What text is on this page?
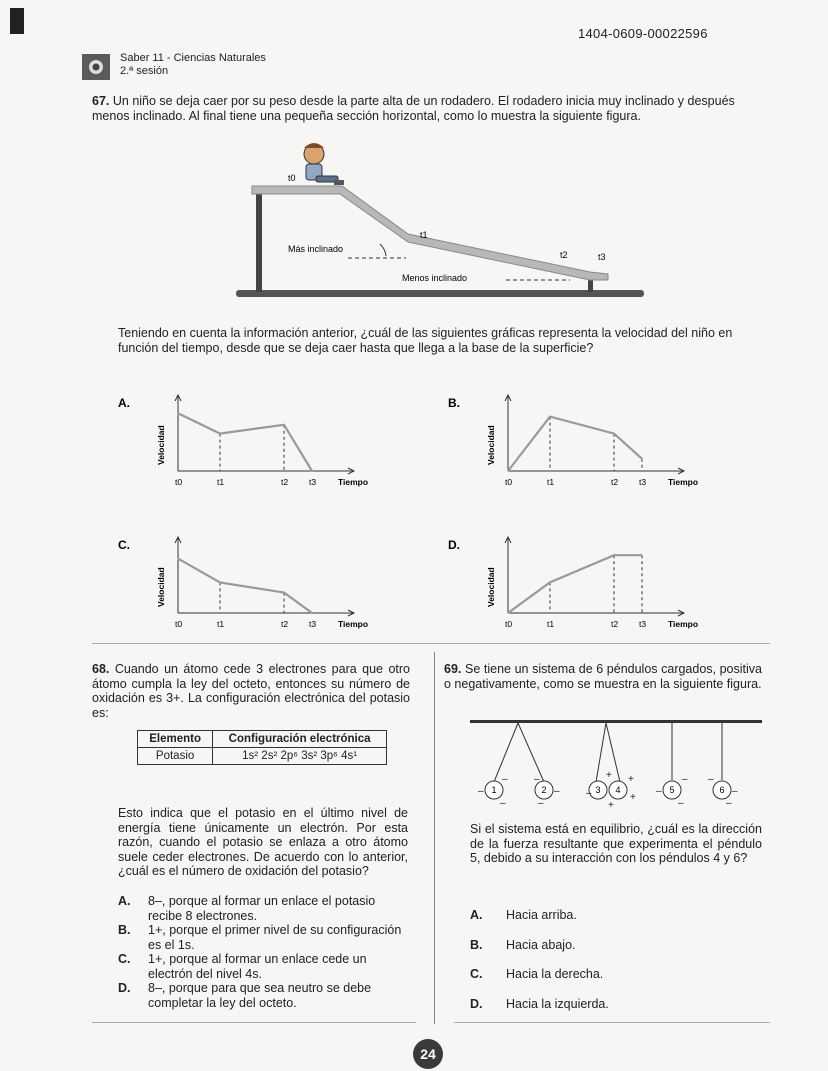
1404-0609-00022596
Saber 11 - Ciencias Naturales
2.ª sesión
67. Un niño se deja caer por su peso desde la parte alta de un rodadero. El rodadero inicia muy inclinado y después menos inclinado. Al final tiene una pequeña sección horizontal, como lo muestra la siguiente figura.
t0
t1
t2	t3
Más inclinado
Menos inclinado
Teniendo en cuenta la información anterior, ¿cuál de las siguientes gráficas representa la velocidad del niño en función del tiempo, desde que se deja caer hasta que llega a la base de la superficie?
A.
Velocidad
Tiempo
t0	t1	t2 t3
B.
Velocidad
Tiempo
t0	t1	t2 t3
C.
Velocidad
Tiempo
t0	t1	t2 t3
D.
Velocidad
Tiempo
t0	t1	t2 t3
68. Cuando un átomo cede 3 electrones para que otro átomo cumpla la ley del octeto, entonces su número de oxidación es 3+. La configuración electrónica del potasio es:
Elemento	Configuración electrónica
Potasio	1s² 2s² 2p⁶ 3s² 3p⁶ 4s¹
Esto indica que el potasio en el último nivel de energía tiene únicamente un electrón. Por esta razón, cuando el potasio se enlaza a otro átomo suele ceder electrones. De acuerdo con lo anterior, ¿cuál es el número de oxidación del potasio?
A.	8–, porque al formar un enlace el potasio recibe 8 electrones.
B.	1+, porque el primer nivel de su configuración es el 1s.
C.	1+, porque al formar un enlace cede un electrón del nivel 4s.
D.	8–, porque para que sea neutro se debe completar la ley del octeto.
69. Se tiene un sistema de 6 péndulos cargados, positiva o negativamente, como se muestra en la siguiente figura.
1	2	3 4	5	6
–
–
–
–
–
–
–
+ +
+
+
–
–
–
–
–
–
Si el sistema está en equilibrio, ¿cuál es la dirección de la fuerza resultante que experimenta el péndulo 5, debido a su interacción con los péndulos 4 y 6?
A.	Hacia arriba.
B.	Hacia abajo.
C.	Hacia la derecha.
D.	Hacia la izquierda.
24
